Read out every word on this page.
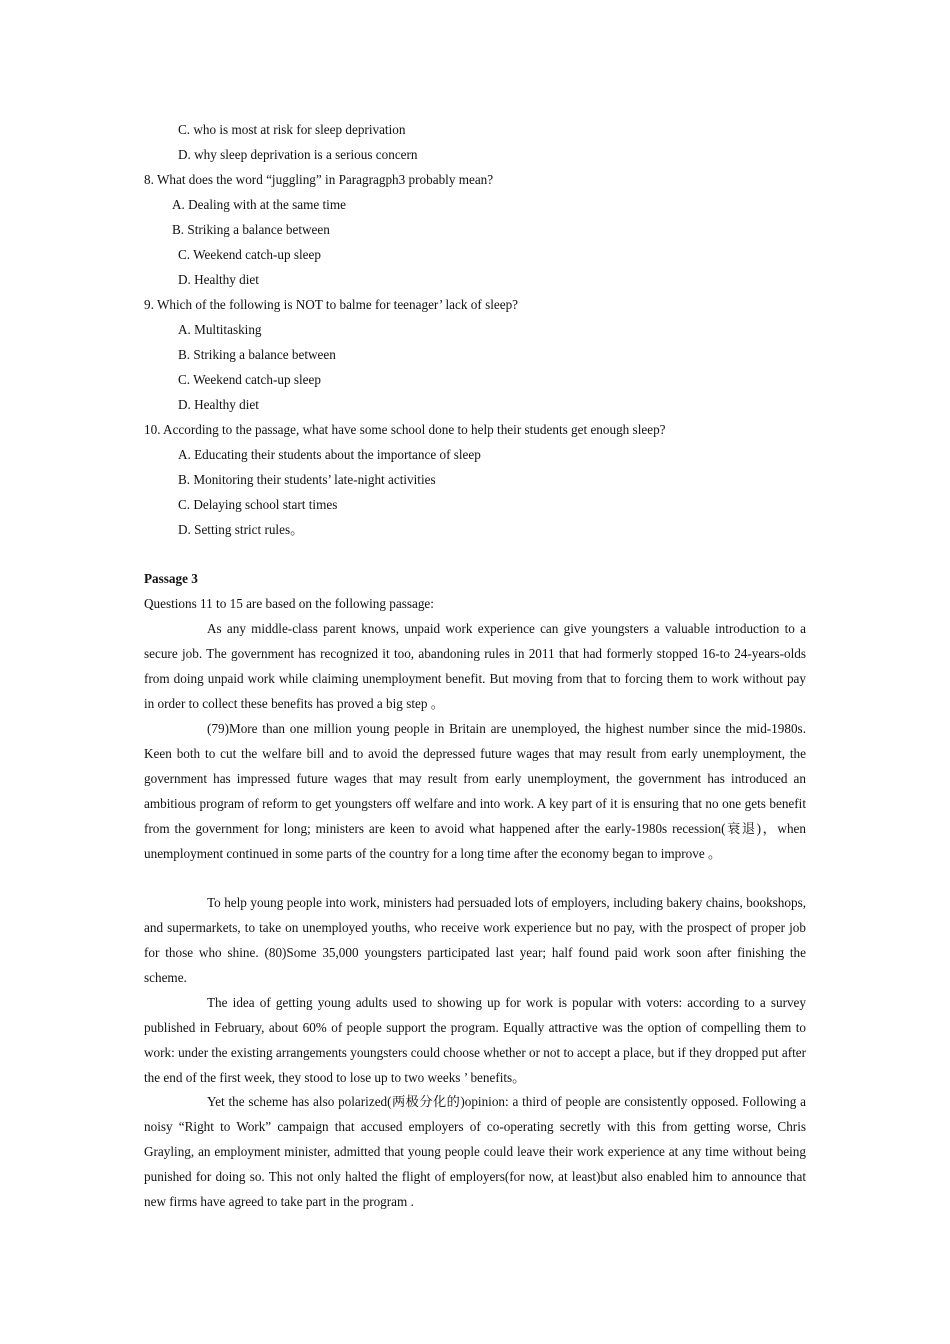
C. who is most at risk for sleep deprivation
D. why sleep deprivation is a serious concern
8. What does the word “juggling” in Paragragph3 probably mean?
A. Dealing with at the same time
B. Striking a balance between
C. Weekend catch-up sleep
D. Healthy diet
9. Which of the following is NOT to balme for teenager’ lack of sleep?
A. Multitasking
B. Striking a balance between
C. Weekend catch-up sleep
D. Healthy diet
10. According to the passage, what have some school done to help their students get enough sleep?
A. Educating their students about the importance of sleep
B. Monitoring their students’ late-night activities
C. Delaying school start times
D. Setting strict rules。
Passage 3
Questions 11 to 15 are based on the following passage:
As any middle-class parent knows, unpaid work experience can give youngsters a valuable introduction to a secure job. The government has recognized it too, abandoning rules in 2011 that had formerly stopped 16-to 24-years-olds from doing unpaid work while claiming unemployment benefit. But moving from that to forcing them to work without pay in order to collect these benefits has proved a big step 。
(79)More than one million young people in Britain are unemployed, the highest number since the mid-1980s. Keen both to cut the welfare bill and to avoid the depressed future wages that may result from early unemployment, the government has impressed future wages that may result from early unemployment, the government has introduced an ambitious program of reform to get youngsters off welfare and into work. A key part of it is ensuring that no one gets benefit from the government for long; ministers are keen to avoid what happened after the early-1980s recession(衰退)，when unemployment continued in some parts of the country for a long time after the economy began to improve 。
To help young people into work, ministers had persuaded lots of employers, including bakery chains, bookshops, and supermarkets, to take on unemployed youths, who receive work experience but no pay, with the prospect of proper job for those who shine. (80)Some 35,000 youngsters participated last year; half found paid work soon after finishing the scheme.
The idea of getting young adults used to showing up for work is popular with voters: according to a survey published in February, about 60% of people support the program. Equally attractive was the option of compelling them to work: under the existing arrangements youngsters could choose whether or not to accept a place, but if they dropped put after the end of the first week, they stood to lose up to two weeks ’ benefits。
Yet the scheme has also polarized(两极分化的)opinion: a third of people are consistently opposed. Following a noisy “Right to Work” campaign that accused employers of co-operating secretly with this from getting worse, Chris Grayling, an employment minister, admitted that young people could leave their work experience at any time without being punished for doing so. This not only halted the flight of employers(for now, at least)but also enabled him to announce that new firms have agreed to take part in the program .
